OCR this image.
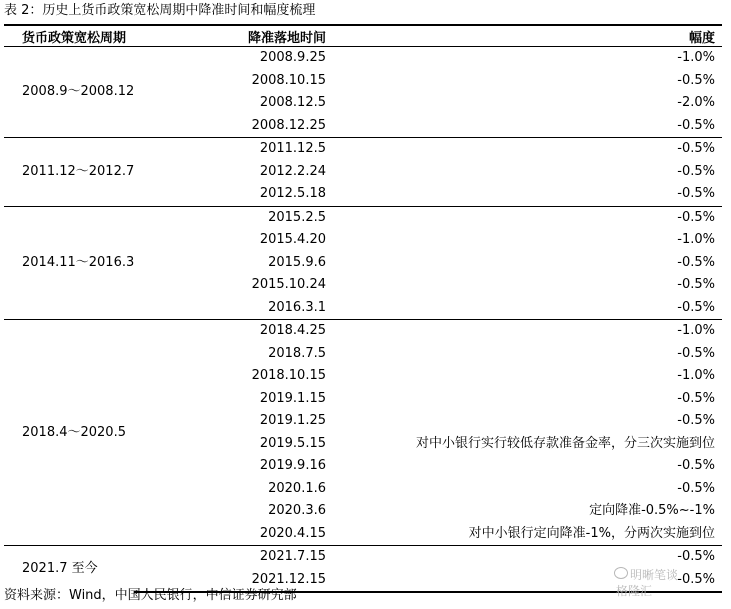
表 2：历史上货币政策宽松周期中降准时间和幅度梳理
货币政策宽松周期	降准落地时间	幅度
2008.9～2008.12	2008.9.25	-1.0%
	2008.10.15	-0.5%
	2008.12.5	-2.0%
	2008.12.25	-0.5%
2011.12～2012.7	2011.12.5	-0.5%
	2012.2.24	-0.5%
	2012.5.18	-0.5%
2014.11～2016.3	2015.2.5	-0.5%
	2015.4.20	-1.0%
	2015.9.6	-0.5%
	2015.10.24	-0.5%
	2016.3.1	-0.5%
2018.4～2020.5	2018.4.25	-1.0%
	2018.7.5	-0.5%
	2018.10.15	-1.0%
	2019.1.15	-0.5%
	2019.1.25	-0.5%
	2019.5.15	对中小银行实行较低存款准备金率，分三次实施到位
	2019.9.16	-0.5%
	2020.1.6	-0.5%
	2020.3.6	定向降准-0.5%~-1%
	2020.4.15	对中小银行定向降准-1%，分两次实施到位
2021.7 至今	2021.7.15	-0.5%
	2021.12.15	-0.5%
资料来源：Wind，中国人民银行，中信证券研究部
明晰笔谈
格隆汇
